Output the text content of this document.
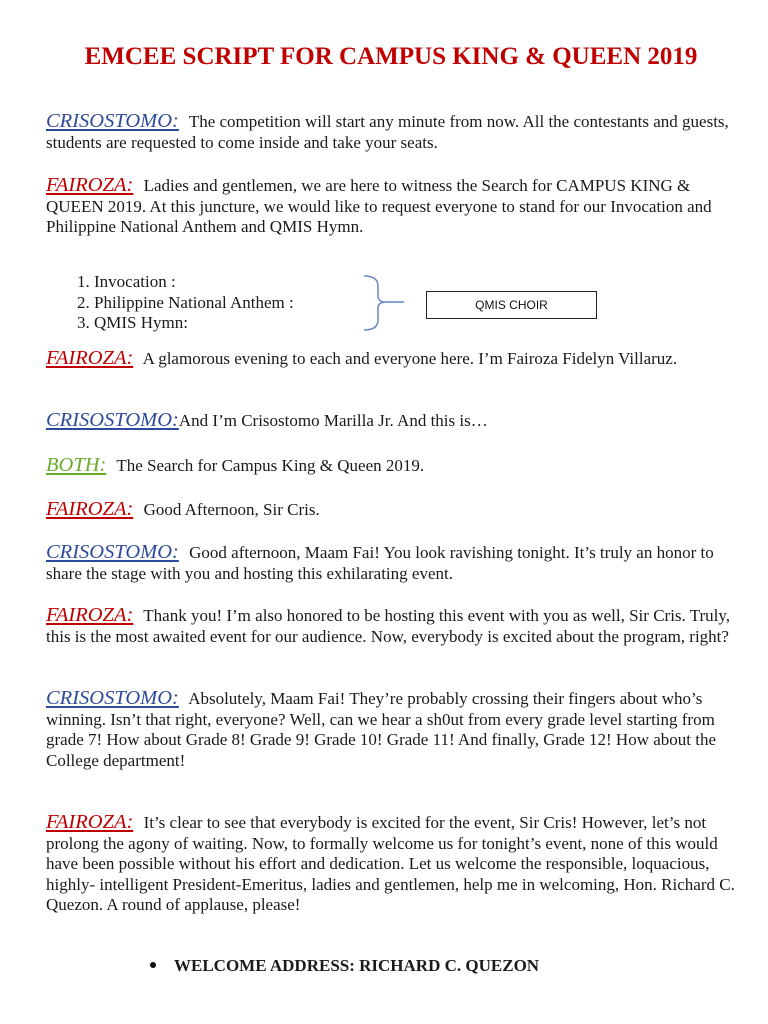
EMCEE SCRIPT FOR CAMPUS KING & QUEEN 2019

CRISOSTOMO: The competition will start any minute from now. All the contestants and guests, students are requested to come inside and take your seats.

FAIROZA: Ladies and gentlemen, we are here to witness the Search for CAMPUS KING & QUEEN 2019. At this juncture, we would like to request everyone to stand for our Invocation and Philippine National Anthem and QMIS Hymn.

1. Invocation :
2. Philippine National Anthem :
3. QMIS Hymn:
QMIS CHOIR

FAIROZA: A glamorous evening to each and everyone here. I’m Fairoza Fidelyn Villaruz.

CRISOSTOMO:And I’m Crisostomo Marilla Jr. And this is…

BOTH: The Search for Campus King & Queen 2019.

FAIROZA: Good Afternoon, Sir Cris.

CRISOSTOMO: Good afternoon, Maam Fai! You look ravishing tonight. It’s truly an honor to share the stage with you and hosting this exhilarating event.

FAIROZA: Thank you! I’m also honored to be hosting this event with you as well, Sir Cris. Truly, this is the most awaited event for our audience. Now, everybody is excited about the program, right?

CRISOSTOMO: Absolutely, Maam Fai! They’re probably crossing their fingers about who’s winning. Isn’t that right, everyone? Well, can we hear a sh0ut from every grade level starting from grade 7! How about Grade 8! Grade 9! Grade 10! Grade 11! And finally, Grade 12! How about the College department!

FAIROZA: It’s clear to see that everybody is excited for the event, Sir Cris! However, let’s not prolong the agony of waiting. Now, to formally welcome us for tonight’s event, none of this would have been possible without his effort and dedication. Let us welcome the responsible, loquacious, highly- intelligent President-Emeritus, ladies and gentlemen, help me in welcoming, Hon. Richard C. Quezon. A round of applause, please!

WELCOME ADDRESS: RICHARD C. QUEZON
